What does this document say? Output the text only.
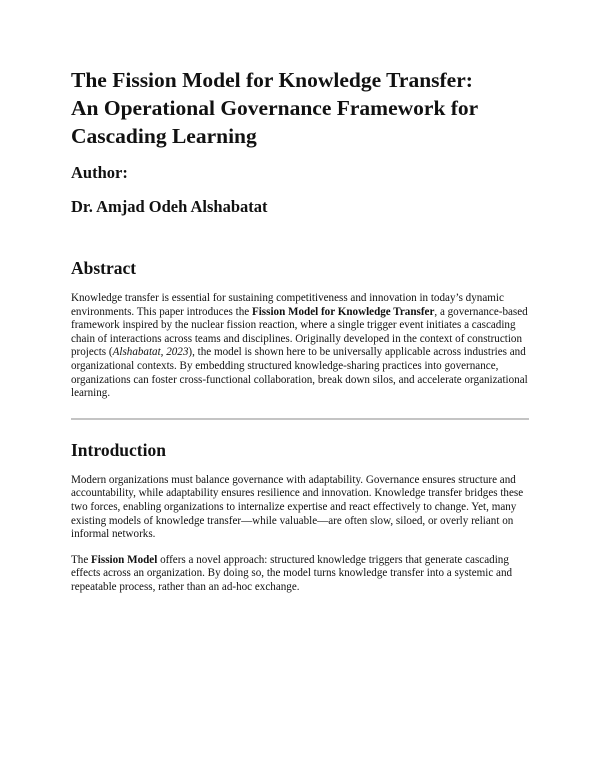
The Fission Model for Knowledge Transfer:
An Operational Governance Framework for
Cascading Learning
Author:
Dr. Amjad Odeh Alshabatat
Abstract

Knowledge transfer is essential for sustaining competitiveness and innovation in today’s dynamic environments. This paper introduces the Fission Model for Knowledge Transfer, a governance-based framework inspired by the nuclear fission reaction, where a single trigger event initiates a cascading chain of interactions across teams and disciplines. Originally developed in the context of construction projects (Alshabatat, 2023), the model is shown here to be universally applicable across industries and organizational contexts. By embedding structured knowledge-sharing practices into governance, organizations can foster cross-functional collaboration, break down silos, and accelerate organizational learning.

Introduction

Modern organizations must balance governance with adaptability. Governance ensures structure and accountability, while adaptability ensures resilience and innovation. Knowledge transfer bridges these two forces, enabling organizations to internalize expertise and react effectively to change. Yet, many existing models of knowledge transfer—while valuable—are often slow, siloed, or overly reliant on informal networks.

The Fission Model offers a novel approach: structured knowledge triggers that generate cascading effects across an organization. By doing so, the model turns knowledge transfer into a systemic and repeatable process, rather than an ad-hoc exchange.
